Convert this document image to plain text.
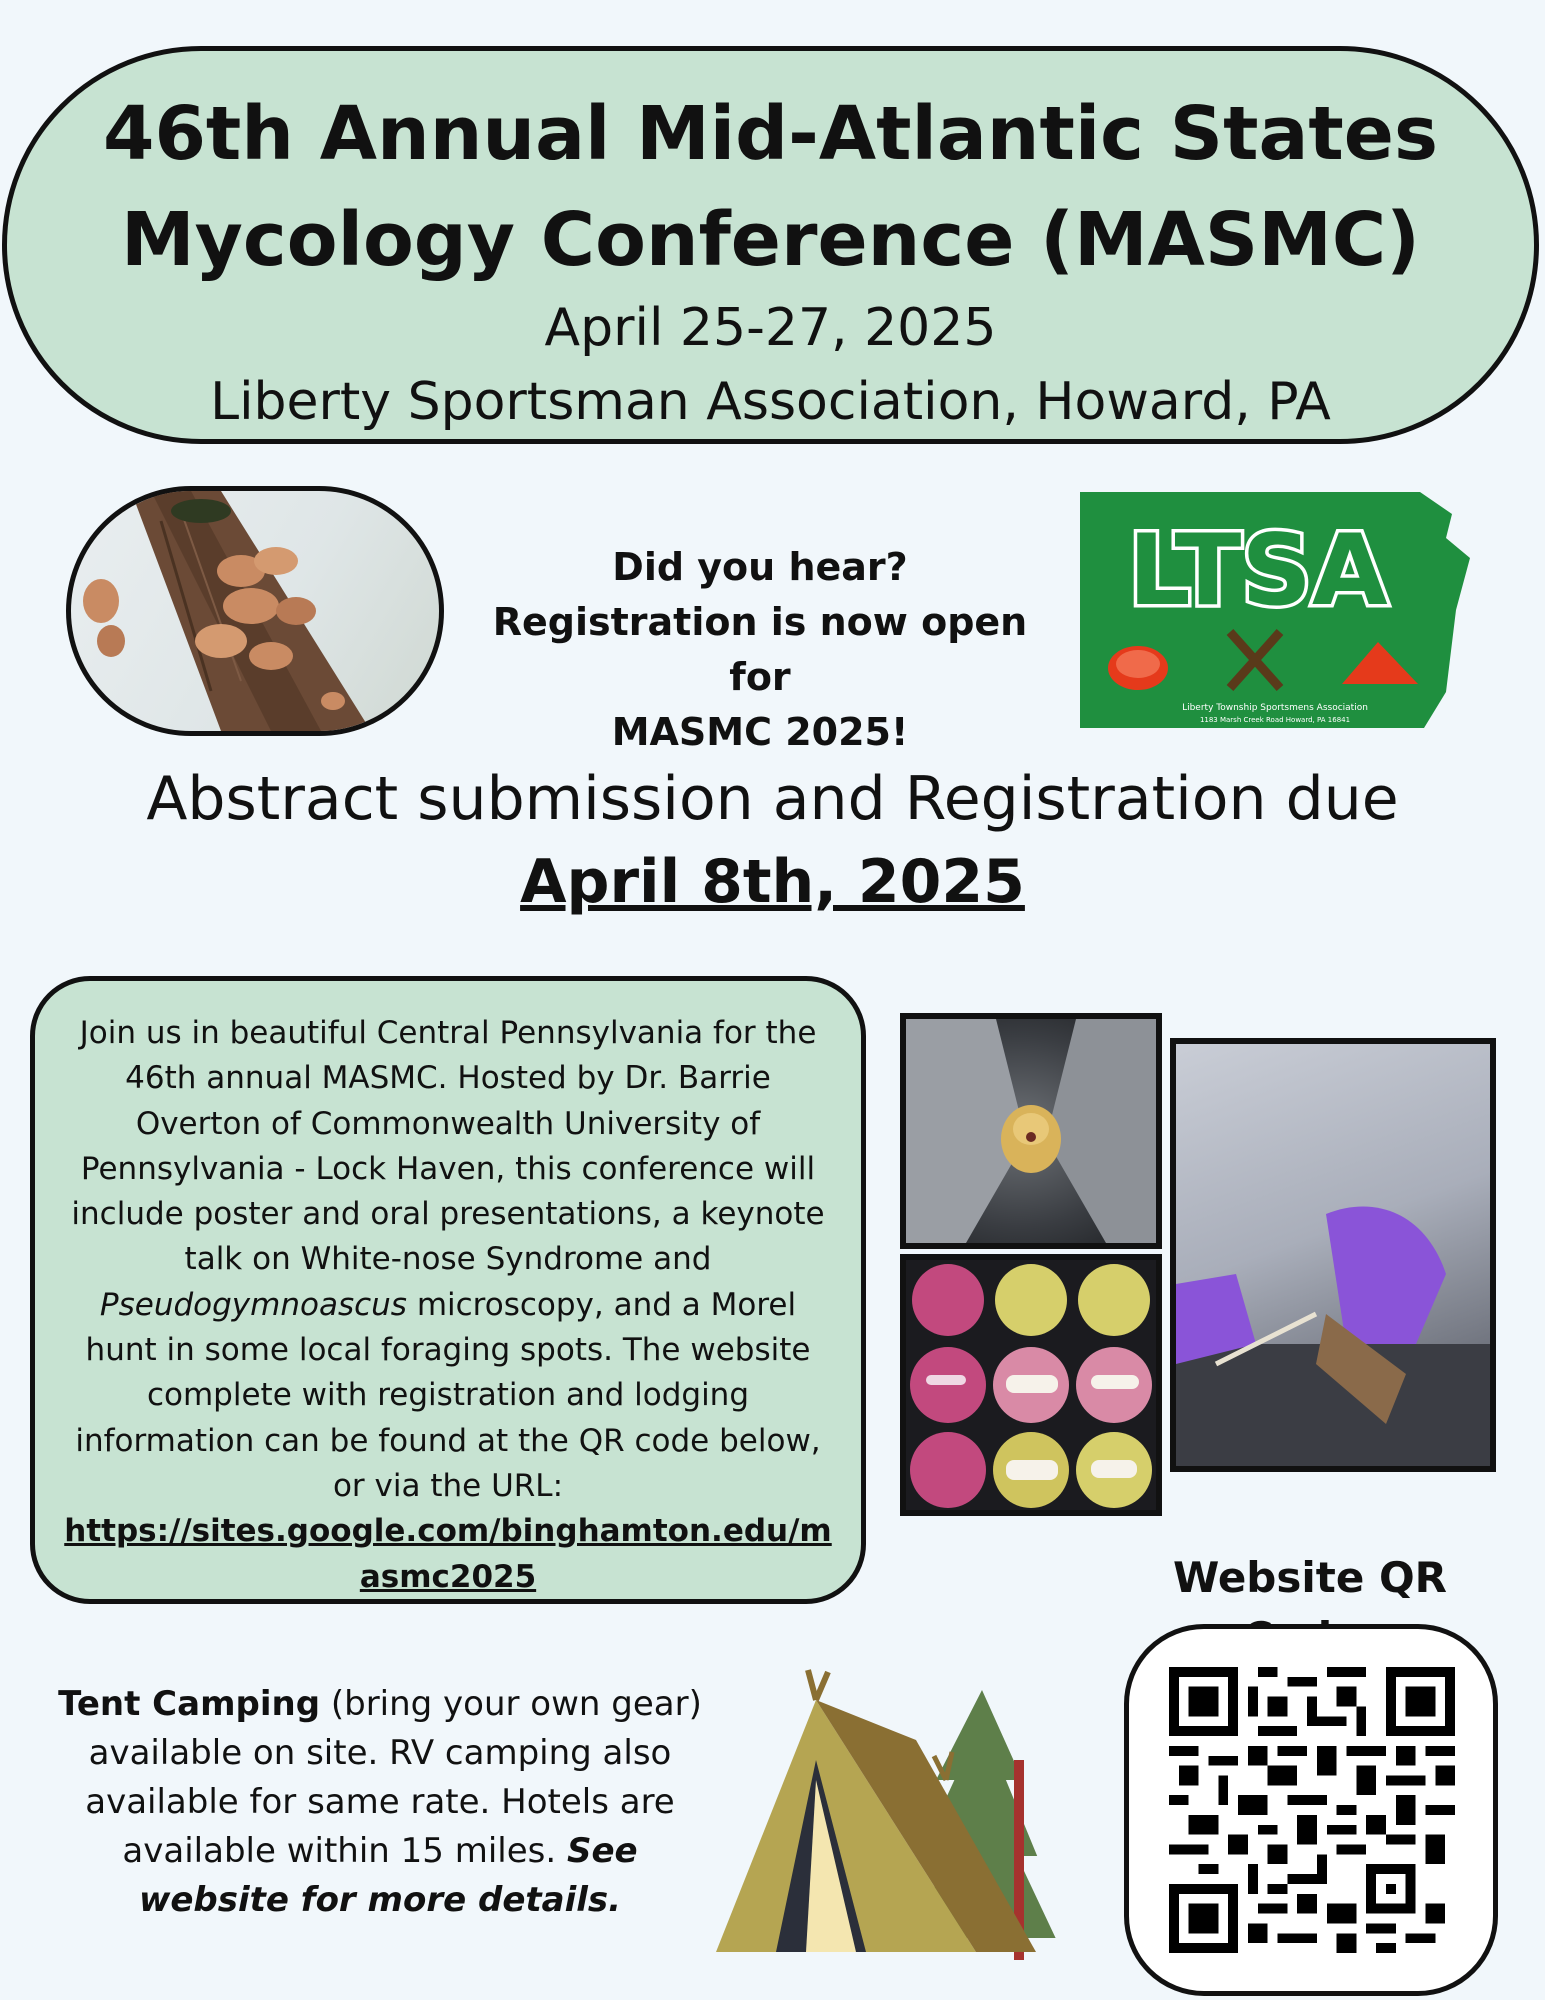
46th Annual Mid-Atlantic States
Mycology Conference (MASMC)
April 25-27, 2025
Liberty Sportsman Association, Howard, PA
Did you hear?
Registration is now open for
MASMC 2025!
LTSA
Liberty Township Sportsmens Association
1183 Marsh Creek Road Howard, PA 16841
Abstract submission and Registration due
April 8th, 2025
Join us in beautiful Central Pennsylvania for the 46th annual MASMC. Hosted by Dr. Barrie Overton of Commonwealth University of Pennsylvania - Lock Haven, this conference will include poster and oral presentations, a keynote talk on White-nose Syndrome and Pseudogymnoascus microscopy, and a Morel hunt in some local foraging spots. The website complete with registration and lodging information can be found at the QR code below, or via the URL:
https://sites.google.com/binghamton.edu/masmc2025	Website QR
Tent Camping (bring your own gear) available on site. RV camping also available for same rate. Hotels are available within 15 miles. See website for more details.
